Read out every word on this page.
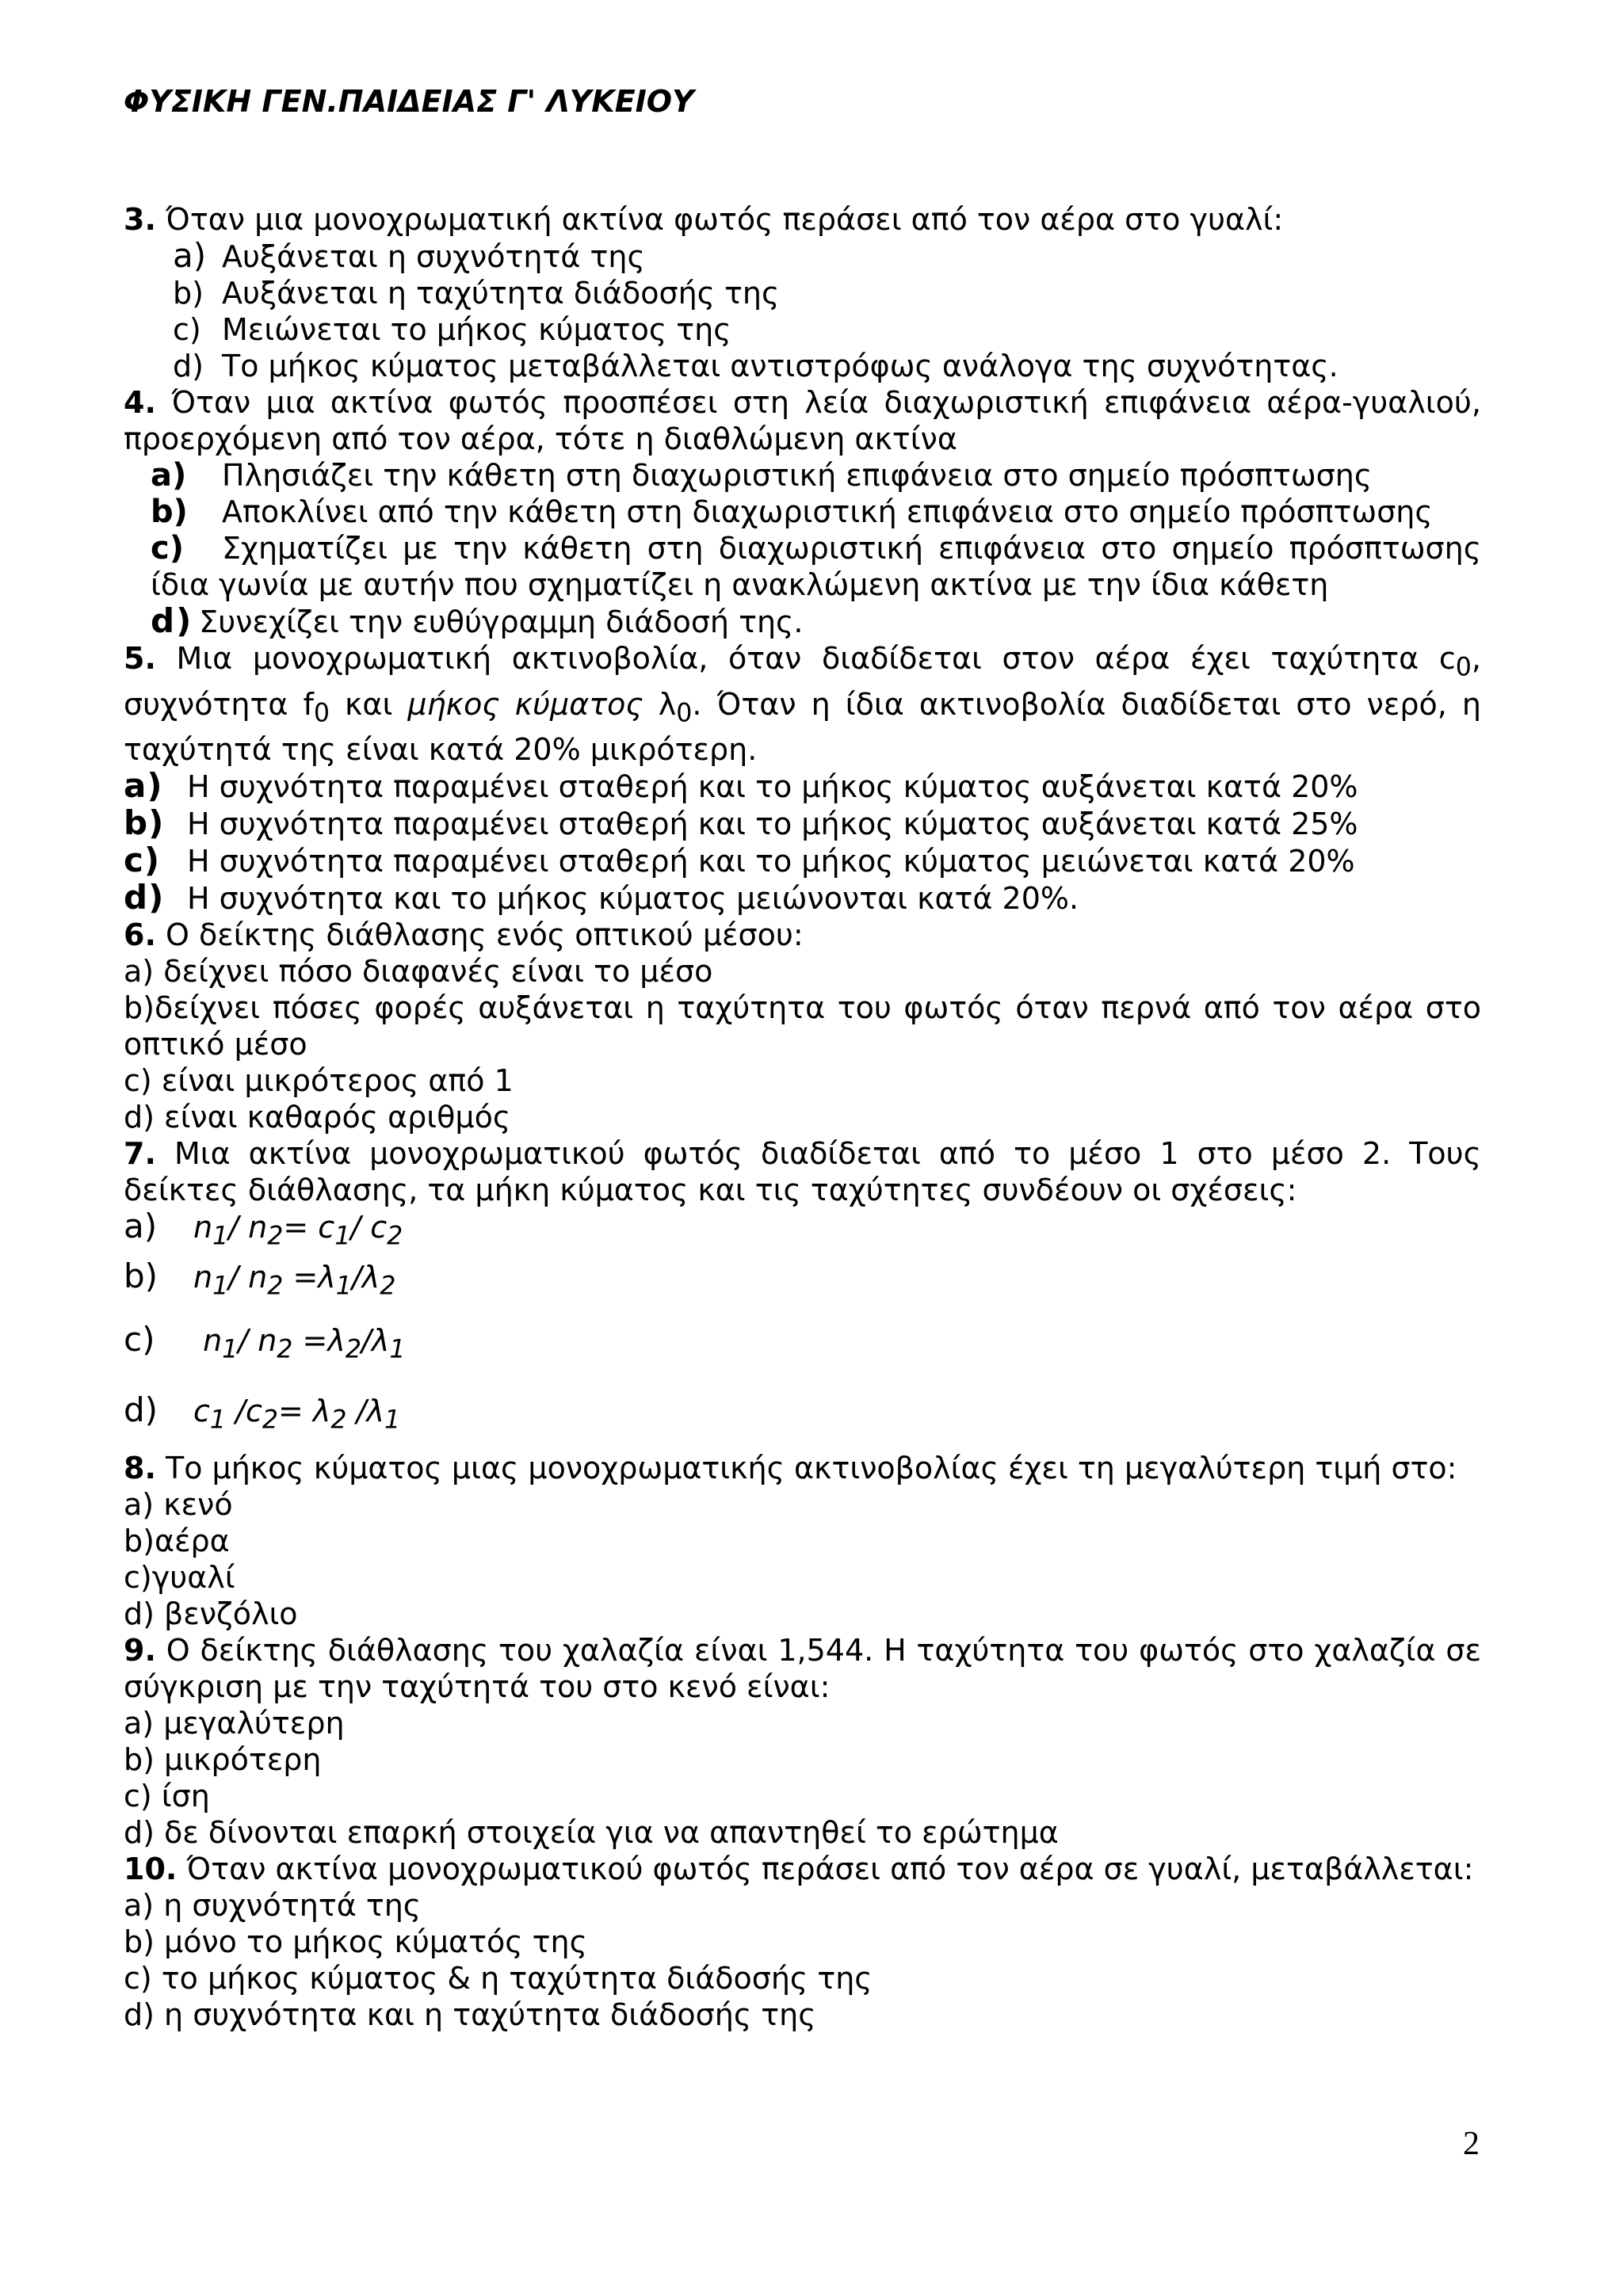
ΦΥΣΙΚΗ ΓΕΝ.ΠΑΙΔΕΙΑΣ Γ' ΛΥΚΕΙΟΥ

3. Όταν μια μονοχρωματική ακτίνα φωτός περάσει από τον αέρα στο γυαλί:

a) Αυξάνεται η συχνότητά της
b) Αυξάνεται η ταχύτητα διάδοσής της
c) Μειώνεται το μήκος κύματος της
d) Το μήκος κύματος μεταβάλλεται αντιστρόφως ανάλογα της συχνότητας.

4. Όταν μια ακτίνα φωτός προσπέσει στη λεία διαχωριστική επιφάνεια αέρα-γυαλιού, προερχόμενη από τον αέρα, τότε η διαθλώμενη ακτίνα

a)	Πλησιάζει την κάθετη στη διαχωριστική επιφάνεια στο σημείο πρόσπτωσης
b)	Αποκλίνει από την κάθετη στη διαχωριστική επιφάνεια στο σημείο πρόσπτωσης
c) Σχηματίζει με την κάθετη στη διαχωριστική επιφάνεια στο σημείο πρόσπτωσης ίδια γωνία με αυτήν που σχηματίζει η ανακλώμενη ακτίνα με την ίδια κάθετη
d) Συνεχίζει την ευθύγραμμη διάδοσή της.

5. Μια μονοχρωματική ακτινοβολία, όταν διαδίδεται στον αέρα έχει ταχύτητα $c_0$, συχνότητα $f_0$ και μήκος κύματος $\lambda_0$. Όταν η ίδια ακτινοβολία διαδίδεται στο νερό, η ταχύτητά της είναι κατά 20% μικρότερη.

a) Η συχνότητα παραμένει σταθερή και το μήκος κύματος αυξάνεται κατά 20%
b) Η συχνότητα παραμένει σταθερή και το μήκος κύματος αυξάνεται κατά 25%
c) Η συχνότητα παραμένει σταθερή και το μήκος κύματος μειώνεται κατά 20%
d) Η συχνότητα και το μήκος κύματος μειώνονται κατά 20%.

6. Ο δείκτης διάθλασης ενός οπτικού μέσου:

a) δείχνει πόσο διαφανές είναι το μέσο

b)δείχνει πόσες φορές αυξάνεται η ταχύτητα του φωτός όταν περνά από τον αέρα στο οπτικό μέσο

c) είναι μικρότερος από 1

d) είναι καθαρός αριθμός

7. Μια ακτίνα μονοχρωματικού φωτός διαδίδεται από το μέσο 1 στο μέσο 2. Τους δείκτες διάθλασης, τα μήκη κύματος και τις ταχύτητες συνδέουν οι σχέσεις:

a)	$n_1/$ $n_2= c_1/$ $c_2$
b)	$n_1/$ $n_2 =\lambda_1/\lambda_2$
c)	$n_1/$ $n_2 =\lambda_2/\lambda_1$
d)	$c_1$ $/c_2= \lambda_2$ $/\lambda_1$

8. Το μήκος κύματος μιας μονοχρωματικής ακτινοβολίας έχει τη μεγαλύτερη τιμή στο:

a) κενό

b)αέρα

c)γυαλί

d) βενζόλιο

9. Ο δείκτης διάθλασης του χαλαζία είναι 1,544. Η ταχύτητα του φωτός στο χαλαζία σε σύγκριση με την ταχύτητά του στο κενό είναι:

a) μεγαλύτερη

b) μικρότερη

c) ίση

d) δε δίνονται επαρκή στοιχεία για να απαντηθεί το ερώτημα

10. Όταν ακτίνα μονοχρωματικού φωτός περάσει από τον αέρα σε γυαλί, μεταβάλλεται:

a) η συχνότητά της

b) μόνο το μήκος κύματός της

c) το μήκος κύματος & η ταχύτητα διάδοσής της

d) η συχνότητα και η ταχύτητα διάδοσής της

2
